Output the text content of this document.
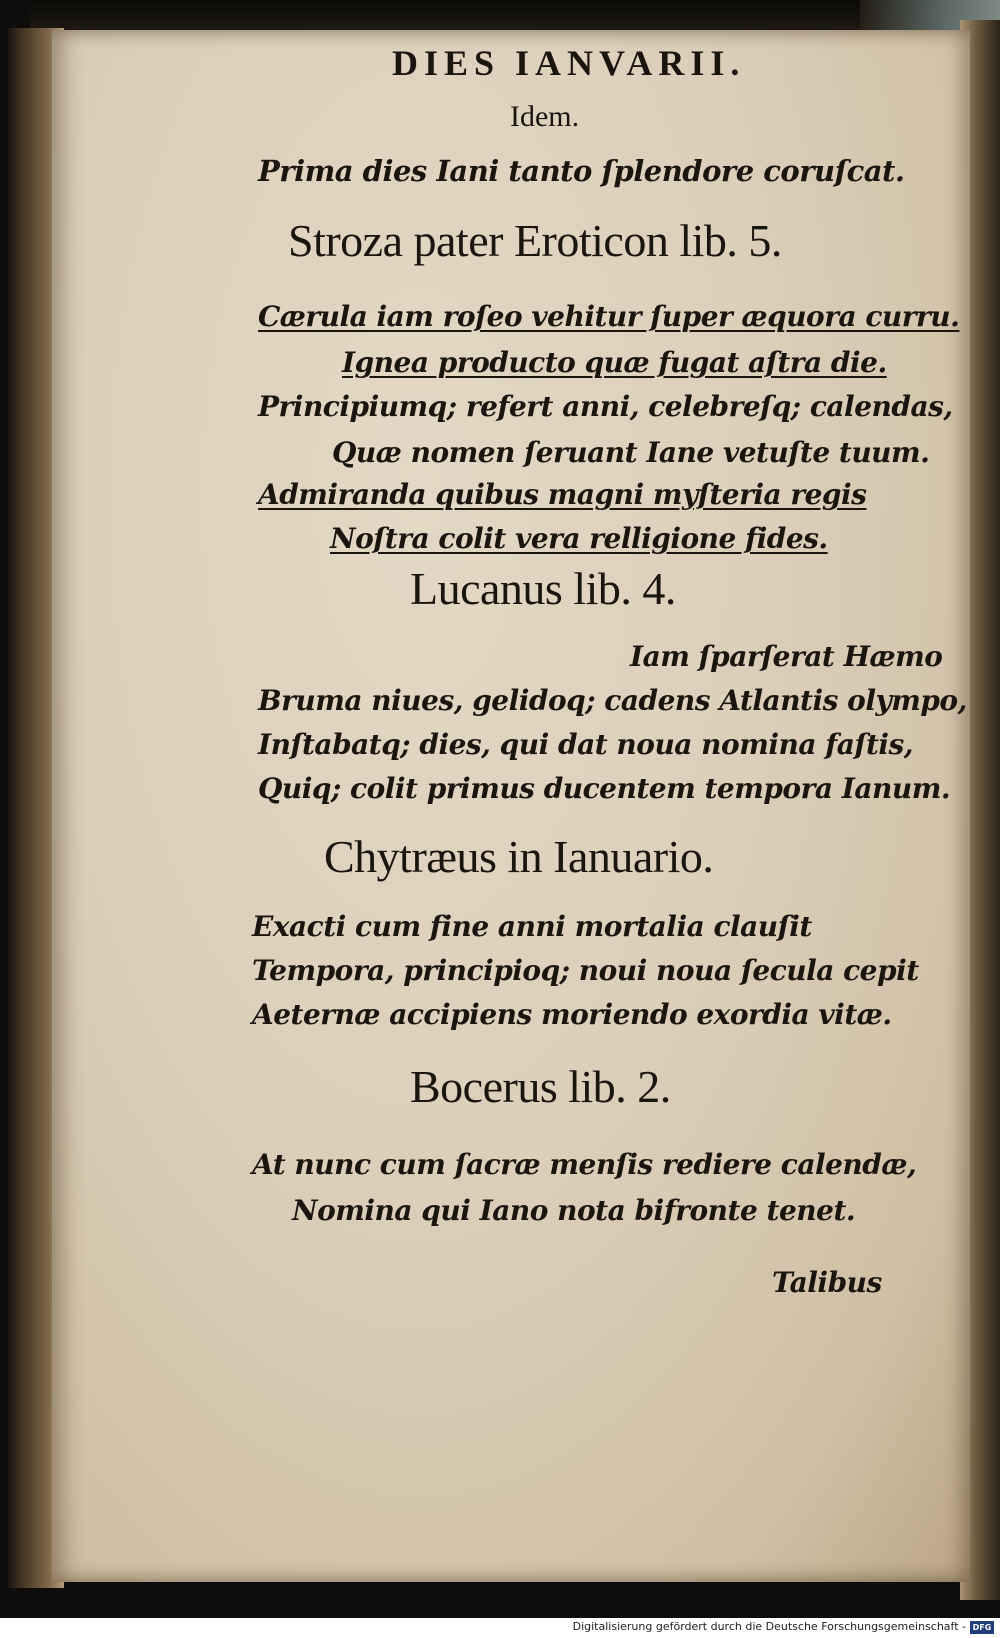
DIES IANVARII.
Idem.
Prima dies Iani tanto ſplendore coruſcat.
Stroza pater Eroticon lib. 5.
Cærula iam roſeo vehitur ſuper æquora curru.
Ignea producto quæ fugat aſtra die.
Principiumq; refert anni, celebreſq; calendas,
Quæ nomen ſeruant Iane vetuſte tuum.
Admiranda quibus magni myſteria regis
Noſtra colit vera relligione fides.
Lucanus lib. 4.
Iam ſparſerat Hæmo
Bruma niues, gelidoq; cadens Atlantis olympo,
Inſtabatq; dies, qui dat noua nomina faſtis,
Quiq; colit primus ducentem tempora Ianum.
Chytræus in Ianuario.
Exacti cum fine anni mortalia clauſit
Tempora, principioq; noui noua ſecula cepit
Aeternæ accipiens moriendo exordia vitæ.
Bocerus lib. 2.
At nunc cum ſacræ menſis rediere calendæ,
Nomina qui Iano nota bifronte tenet.
Talibus
Digitalisierung gefördert durch die Deutsche Forschungsgemeinschaft - DFG
